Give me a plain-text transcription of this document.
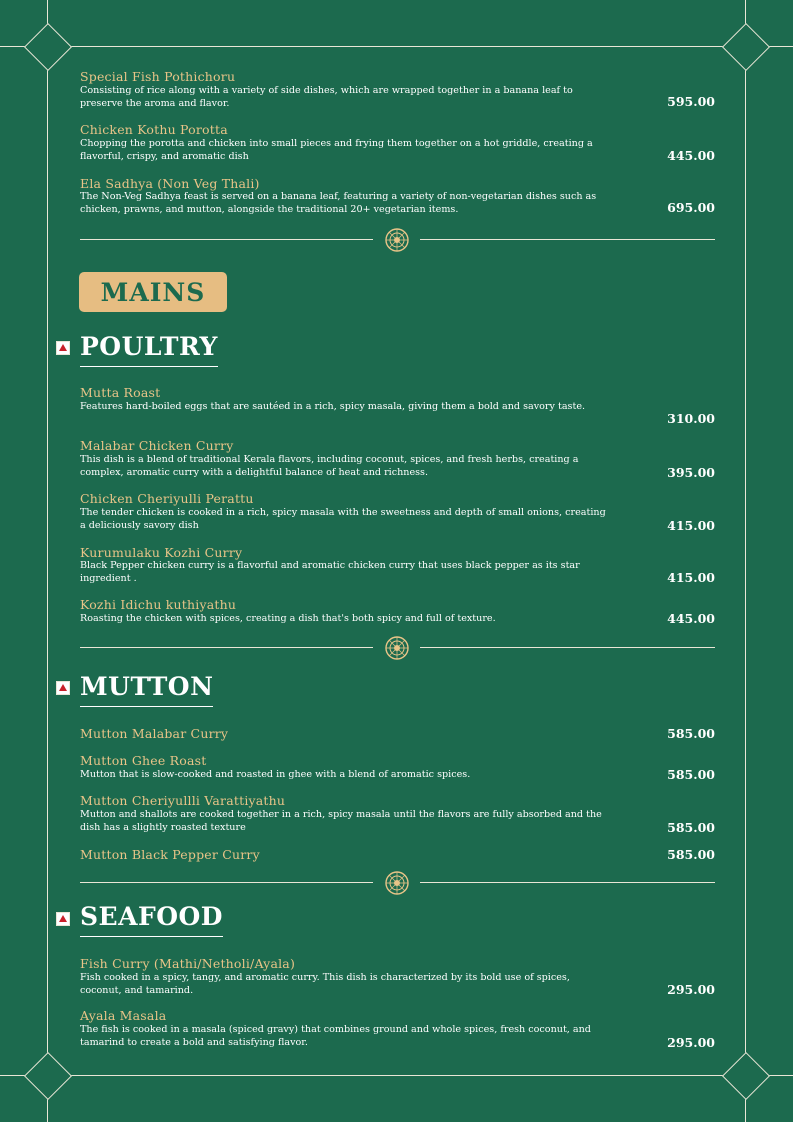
Special Fish Pothichoru
Consisting of rice along with a variety of side dishes, which are wrapped together in a banana leaf to preserve the aroma and flavor.	595.00
Chicken Kothu Porotta
Chopping the porotta and chicken into small pieces and frying them together on a hot griddle, creating a flavorful, crispy, and aromatic dish	445.00
Ela Sadhya (Non Veg Thali)
The Non-Veg Sadhya feast is served on a banana leaf, featuring a variety of non-vegetarian dishes such as chicken, prawns, and mutton, alongside the traditional 20+ vegetarian items.	695.00
MAINS
POULTRY
Mutta Roast
Features hard-boiled eggs that are sautéed in a rich, spicy masala, giving them a bold and savory taste.
310.00
Malabar Chicken Curry
This dish is a blend of traditional Kerala flavors, including coconut, spices, and fresh herbs, creating a complex, aromatic curry with a delightful balance of heat and richness.	395.00
Chicken Cheriyulli Perattu
The tender chicken is cooked in a rich, spicy masala with the sweetness and depth of small onions, creating a deliciously savory dish	415.00
Kurumulaku Kozhi Curry
Black Pepper chicken curry is a flavorful and aromatic chicken curry that uses black pepper as its star ingredient .	415.00
Kozhi Idichu kuthiyathu
Roasting the chicken with spices, creating a dish that's both spicy and full of texture.	445.00
MUTTON
Mutton Malabar Curry	585.00
Mutton Ghee Roast
Mutton that is slow-cooked and roasted in ghee with a blend of aromatic spices.	585.00
Mutton Cheriyullli Varattiyathu
Mutton and shallots are cooked together in a rich, spicy masala until the flavors are fully absorbed and the dish has a slightly roasted texture	585.00
Mutton Black Pepper Curry	585.00
SEAFOOD
Fish Curry (Mathi/Netholi/Ayala)
Fish cooked in a spicy, tangy, and aromatic curry. This dish is characterized by its bold use of spices, coconut, and tamarind.	295.00
Ayala Masala
The fish is cooked in a masala (spiced gravy) that combines ground and whole spices, fresh coconut, and tamarind to create a bold and satisfying flavor.	295.00
